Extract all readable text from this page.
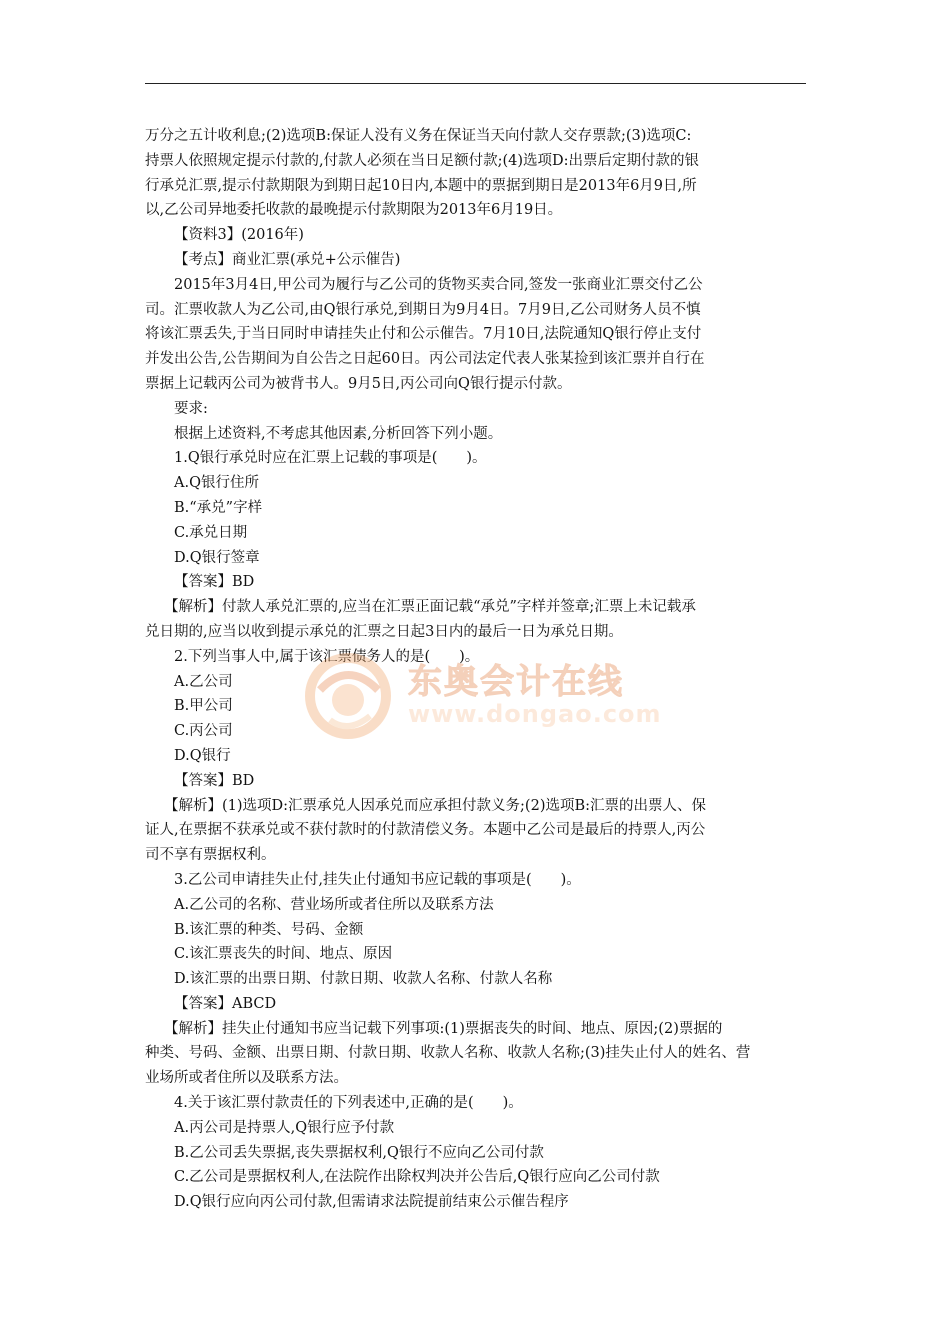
万分之五计收利息;(2)选项B:保证人没有义务在保证当天向付款人交存票款;(3)选项C:
持票人依照规定提示付款的,付款人必须在当日足额付款;(4)选项D:出票后定期付款的银
行承兑汇票,提示付款期限为到期日起10日内,本题中的票据到期日是2013年6月9日,所
以,乙公司异地委托收款的最晚提示付款期限为2013年6月19日。
【资料3】(2016年)
【考点】商业汇票(承兑+公示催告)
2015年3月4日,甲公司为履行与乙公司的货物买卖合同,签发一张商业汇票交付乙公
司。汇票收款人为乙公司,由Q银行承兑,到期日为9月4日。7月9日,乙公司财务人员不慎
将该汇票丢失,于当日同时申请挂失止付和公示催告。7月10日,法院通知Q银行停止支付
并发出公告,公告期间为自公告之日起60日。丙公司法定代表人张某捡到该汇票并自行在
票据上记载丙公司为被背书人。9月5日,丙公司向Q银行提示付款。
要求:
根据上述资料,不考虑其他因素,分析回答下列小题。
1.Q银行承兑时应在汇票上记载的事项是(　　)。
A.Q银行住所
B.“承兑”字样
C.承兑日期
D.Q银行签章
【答案】BD
【解析】付款人承兑汇票的,应当在汇票正面记载“承兑”字样并签章;汇票上未记载承
兑日期的,应当以收到提示承兑的汇票之日起3日内的最后一日为承兑日期。
2.下列当事人中,属于该汇票债务人的是(　　)。
A.乙公司
B.甲公司
C.丙公司
D.Q银行
【答案】BD
【解析】(1)选项D:汇票承兑人因承兑而应承担付款义务;(2)选项B:汇票的出票人、保
证人,在票据不获承兑或不获付款时的付款清偿义务。本题中乙公司是最后的持票人,丙公
司不享有票据权利。
3.乙公司申请挂失止付,挂失止付通知书应记载的事项是(　　)。
A.乙公司的名称、营业场所或者住所以及联系方法
B.该汇票的种类、号码、金额
C.该汇票丧失的时间、地点、原因
D.该汇票的出票日期、付款日期、收款人名称、付款人名称
【答案】ABCD
【解析】挂失止付通知书应当记载下列事项:(1)票据丧失的时间、地点、原因;(2)票据的
种类、号码、金额、出票日期、付款日期、收款人名称、收款人名称;(3)挂失止付人的姓名、营
业场所或者住所以及联系方法。
4.关于该汇票付款责任的下列表述中,正确的是(　　)。
A.丙公司是持票人,Q银行应予付款
B.乙公司丢失票据,丧失票据权利,Q银行不应向乙公司付款
C.乙公司是票据权利人,在法院作出除权判决并公告后,Q银行应向乙公司付款
D.Q银行应向丙公司付款,但需请求法院提前结束公示催告程序
东奥会计在线
www.dongao.com
